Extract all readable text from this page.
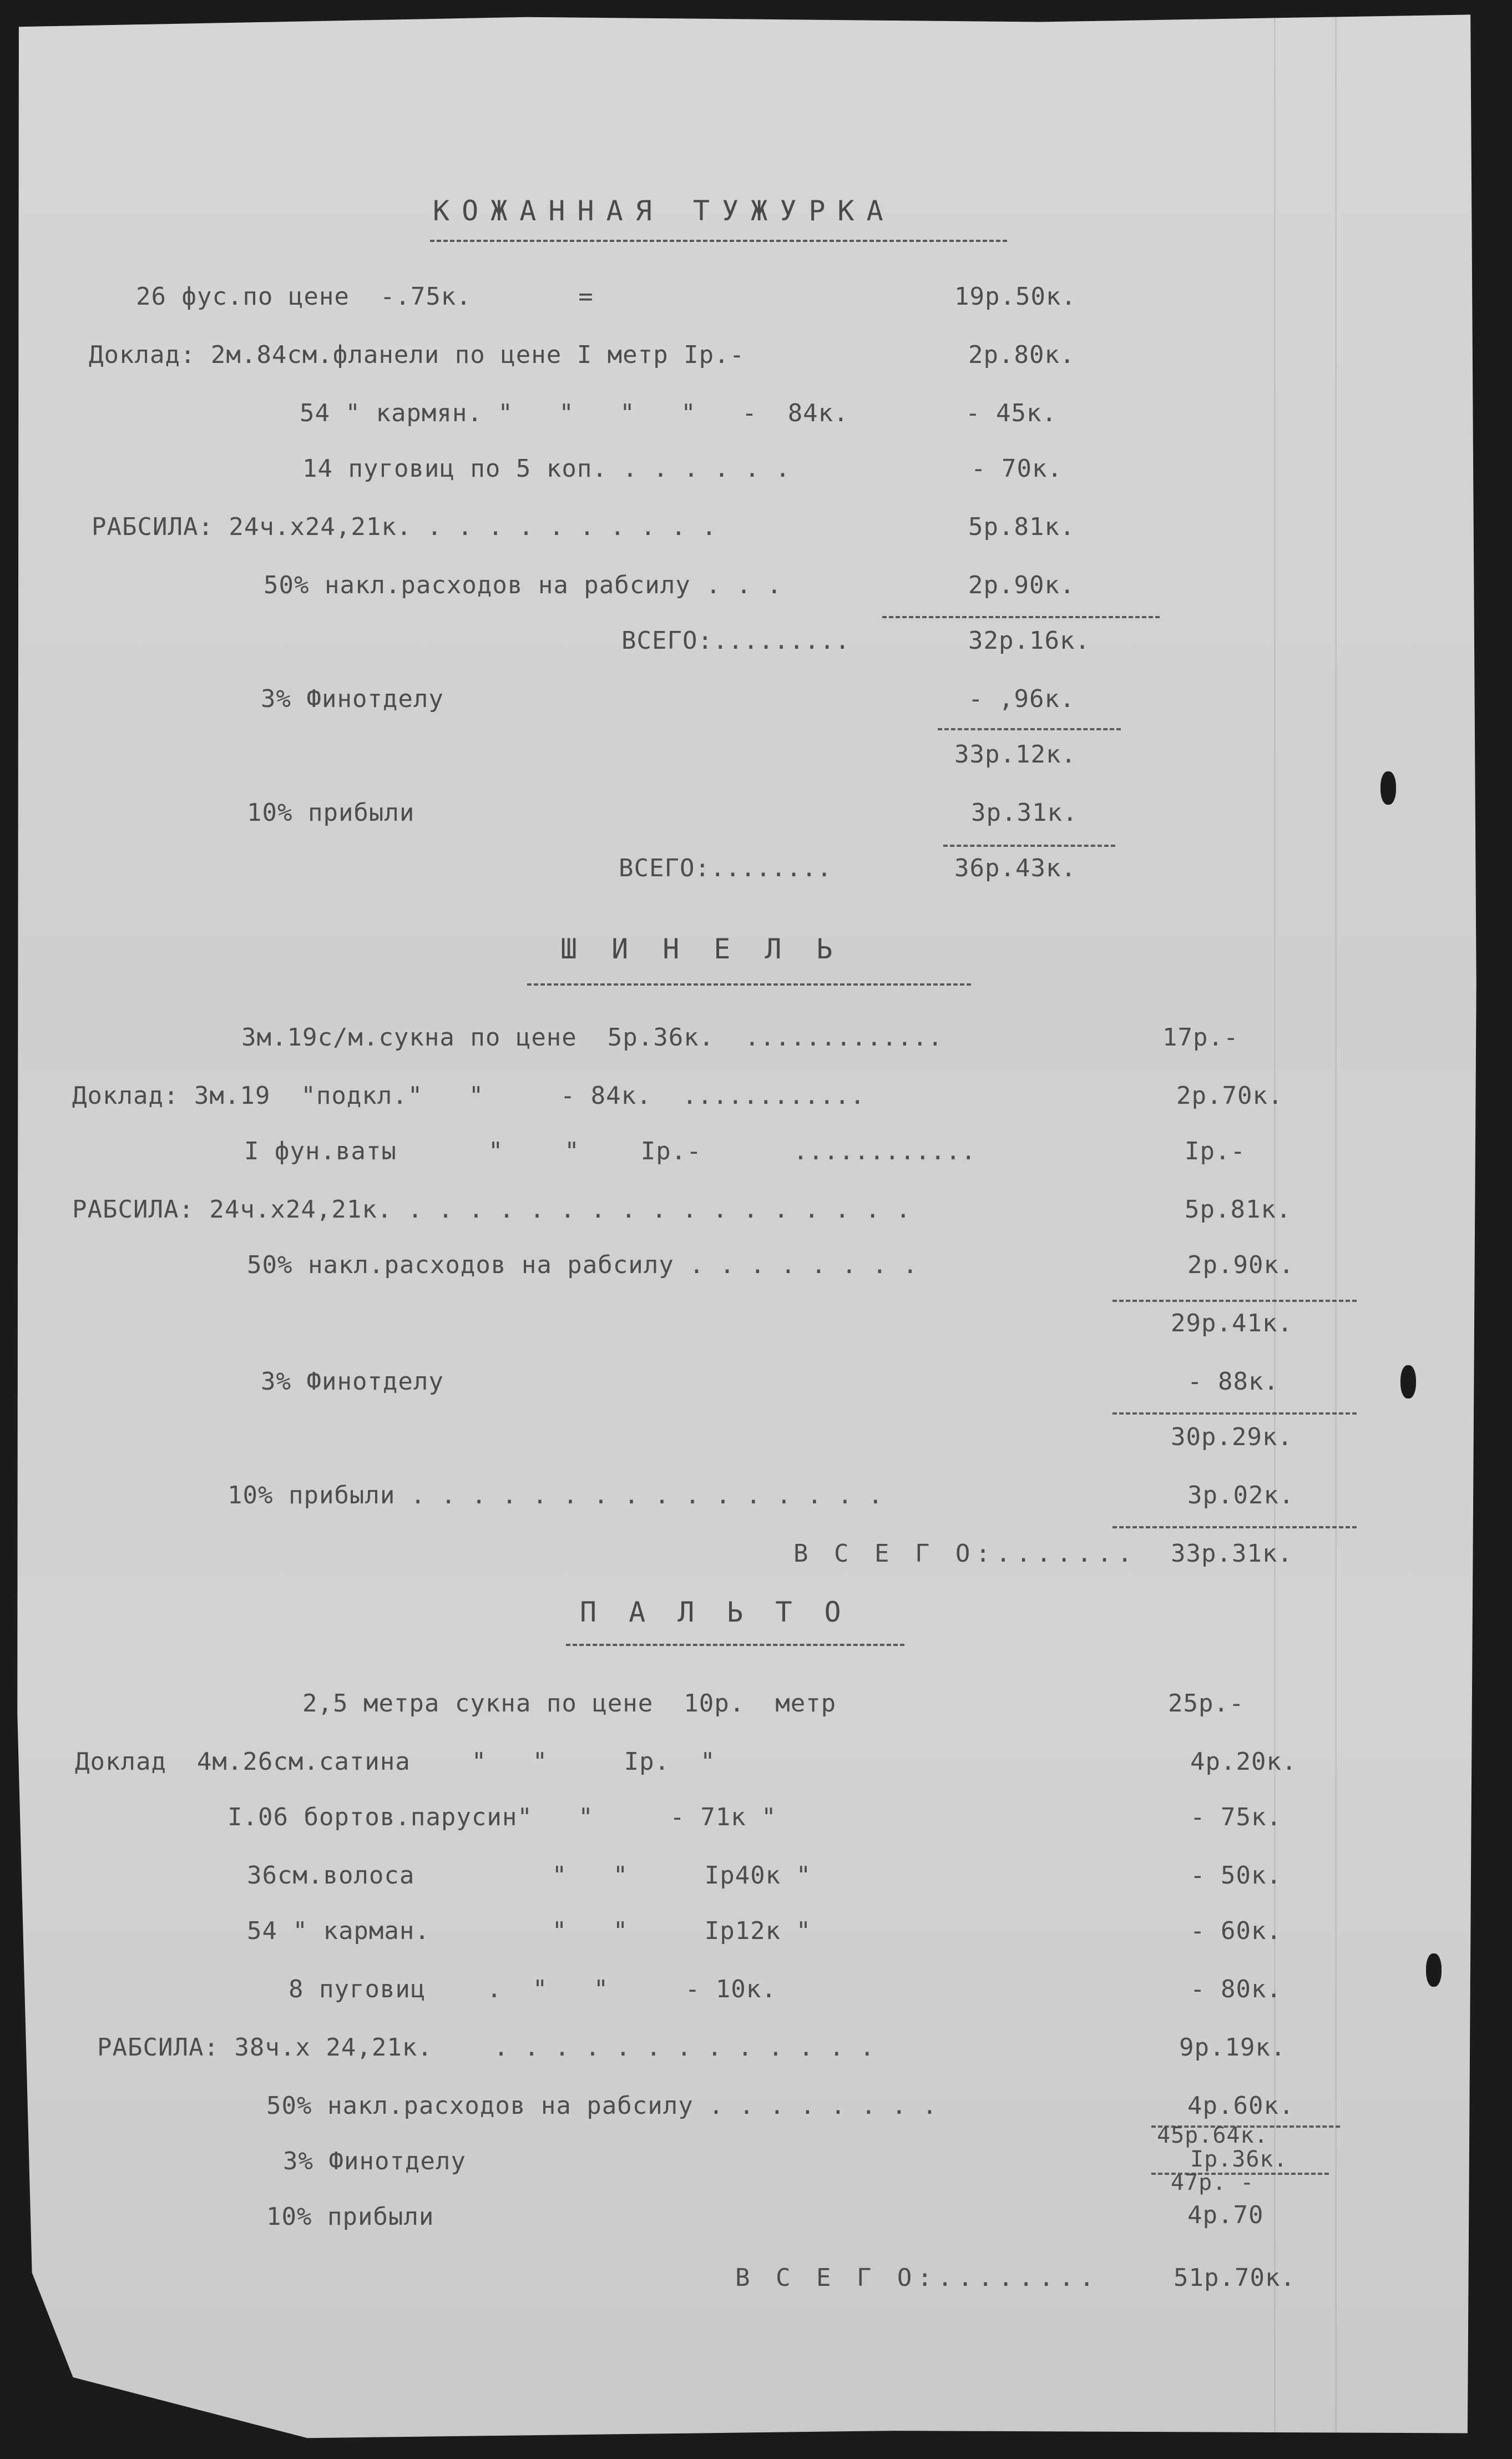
КОЖАННАЯ ТУЖУРКА
26 фус.по цене  -.75к.       =	19р.50к.
Доклад: 2м.84см.фланели по цене I метр Iр.-	2р.80к.
54 " кармян. "   "   "   "   -  84к.	- 45к.
14 пуговиц по 5 коп. . . . . . .	- 70к.
РАБСИЛА: 24ч.х24,21к. . . . . . . . . . .	5р.81к.
50% накл.расходов на рабсилу . . .	2р.90к.
ВСЕГО:.........	32р.16к.
3% Финотделу	- ,96к.
33р.12к.
10% прибыли	3р.31к.
ВСЕГО:........	36р.43к.
ШИНЕЛЬ
3м.19с/м.сукна по цене  5р.36к.  .............	17р.-
Доклад: 3м.19  "подкл."   "     - 84к.  ............	2р.70к.
I фун.ваты      "    "    Iр.-      ............	Iр.-
РАБСИЛА: 24ч.х24,21к. . . . . . . . . . . . . . . . . .	5р.81к.
50% накл.расходов на рабсилу . . . . . . . .	2р.90к.
29р.41к.
3% Финотделу	- 88к.
30р.29к.
10% прибыли . . . . . . . . . . . . . . . .	3р.02к.
В С Е Г О:....... 33р.31к.
ПАЛЬТО
2,5 метра сукна по цене  10р.  метр	25р.-
Доклад  4м.26см.сатина    "   "     Iр.  "	4р.20к.
I.06 бортов.парусин"   "     - 71к "	- 75к.
36см.волоса         "   "     Iр40к "	- 50к.
54 " карман.        "   "     Iр12к "	- 60к.
8 пуговиц    .  "   "     - 10к.	- 80к.
РАБСИЛА: 38ч.х 24,21к.    . . . . . . . . . . . . .	9р.19к.
50% накл.расходов на рабсилу . . . . . . . .	4р.60к.
45р.64к.
3% Финотделу	Iр.36к.
47р. -
10% прибыли	4р.70
В С Е Г О:........	51р.70к.
